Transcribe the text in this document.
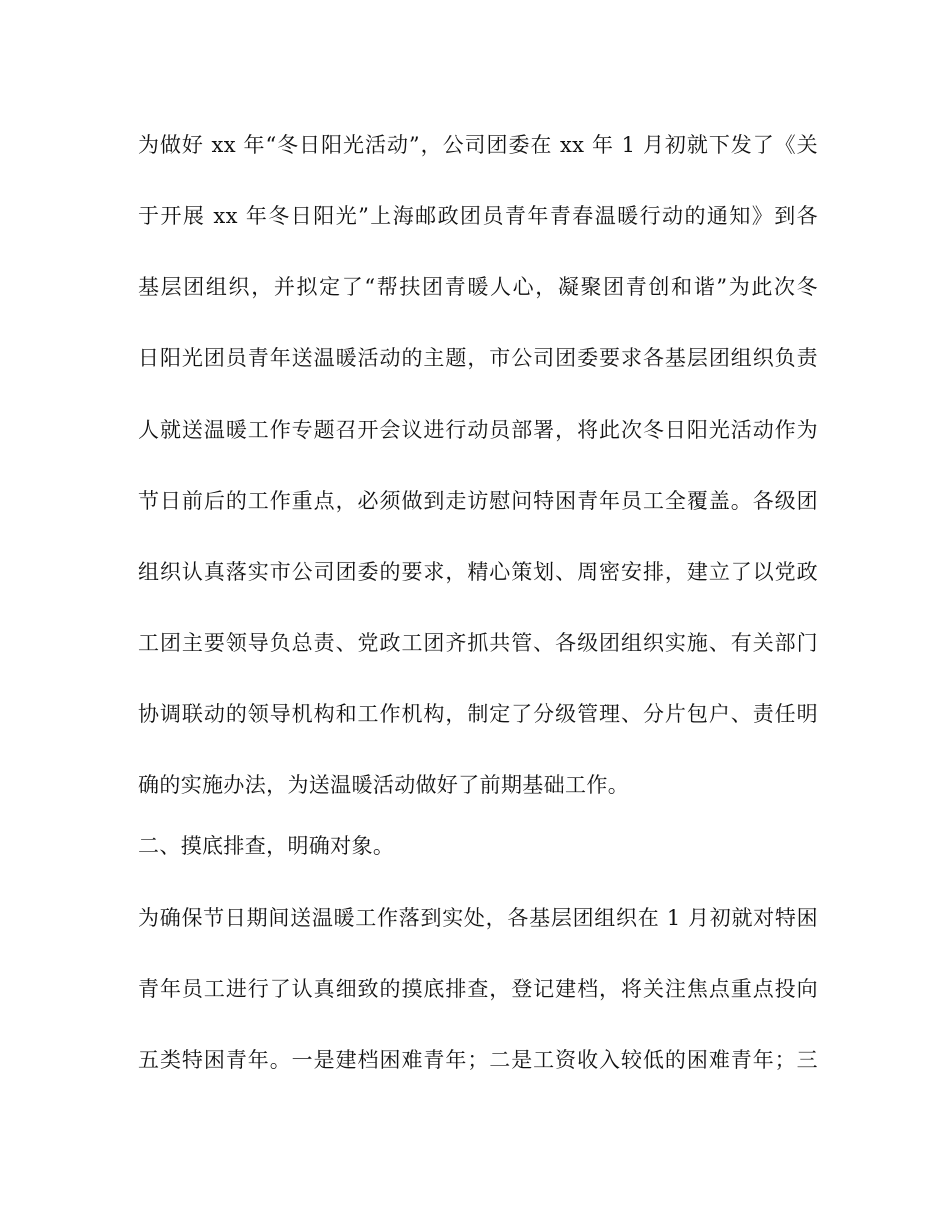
为做好 xx 年“冬日阳光活动”，公司团委在 xx 年 1 月初就下发了《关
于开展 xx 年冬日阳光”上海邮政团员青年青春温暖行动的通知》到各
基层团组织，并拟定了“帮扶团青暖人心，凝聚团青创和谐”为此次冬
日阳光团员青年送温暖活动的主题，市公司团委要求各基层团组织负责
人就送温暖工作专题召开会议进行动员部署，将此次冬日阳光活动作为
节日前后的工作重点，必须做到走访慰问特困青年员工全覆盖。各级团
组织认真落实市公司团委的要求，精心策划、周密安排，建立了以党政
工团主要领导负总责、党政工团齐抓共管、各级团组织实施、有关部门
协调联动的领导机构和工作机构，制定了分级管理、分片包户、责任明
确的实施办法，为送温暖活动做好了前期基础工作。
二、摸底排查，明确对象。
为确保节日期间送温暖工作落到实处，各基层团组织在 1 月初就对特困
青年员工进行了认真细致的摸底排查，登记建档，将关注焦点重点投向
五类特困青年。一是建档困难青年；二是工资收入较低的困难青年；三
